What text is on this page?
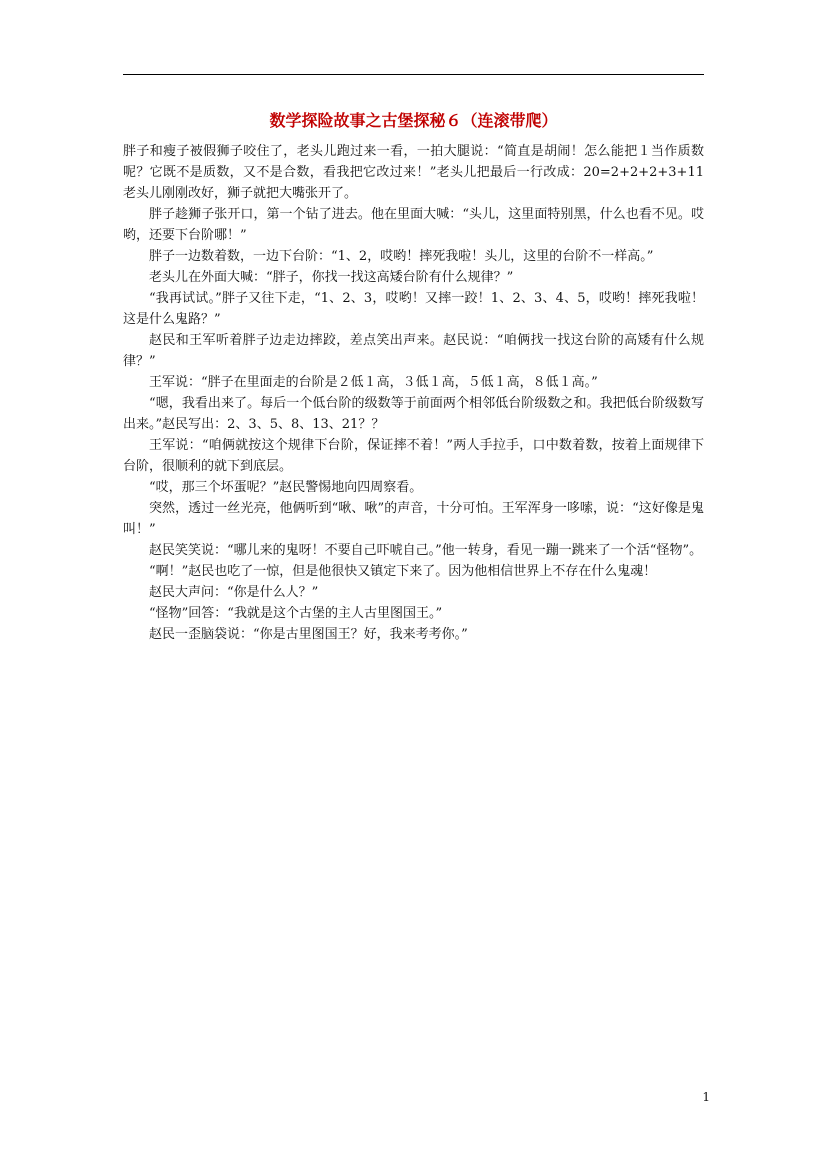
数学探险故事之古堡探秘６（连滚带爬）

胖子和瘦子被假狮子咬住了，老头儿跑过来一看，一拍大腿说：“简直是胡闹！怎么能把１当作质数呢？它既不是质数，又不是合数，看我把它改过来！”老头儿把最后一行改成：20=2+2+2+3+11老头儿刚刚改好，狮子就把大嘴张开了。

胖子趁狮子张开口，第一个钻了进去。他在里面大喊：“头儿，这里面特别黑，什么也看不见。哎哟，还要下台阶哪！”

胖子一边数着数，一边下台阶：“1、2，哎哟！摔死我啦！头儿，这里的台阶不一样高。”

老头儿在外面大喊：“胖子，你找一找这高矮台阶有什么规律？”

“我再试试。”胖子又往下走，“1、2、3，哎哟！又摔一跤！1、2、3、4、5，哎哟！摔死我啦！这是什么鬼路？”

赵民和王军听着胖子边走边摔跤，差点笑出声来。赵民说：“咱俩找一找这台阶的高矮有什么规律？”

王军说：“胖子在里面走的台阶是２低１高，３低１高，５低１高，８低１高。”

“嗯，我看出来了。每后一个低台阶的级数等于前面两个相邻低台阶级数之和。我把低台阶级数写出来。”赵民写出：2、3、5、8、13、21？？

王军说：“咱俩就按这个规律下台阶，保证摔不着！”两人手拉手，口中数着数，按着上面规律下台阶，很顺利的就下到底层。

“哎，那三个坏蛋呢？”赵民警惕地向四周察看。

突然，透过一丝光亮，他俩听到“啾、啾”的声音，十分可怕。王军浑身一哆嗦，说：“这好像是鬼叫！”

赵民笑笑说：“哪儿来的鬼呀！不要自己吓唬自己。”他一转身，看见一蹦一跳来了一个活“怪物”。

“啊！”赵民也吃了一惊，但是他很快又镇定下来了。因为他相信世界上不存在什么鬼魂！

赵民大声问：“你是什么人？”

“怪物”回答：“我就是这个古堡的主人古里图国王。”

赵民一歪脑袋说：“你是古里图国王？好，我来考考你。”

1
